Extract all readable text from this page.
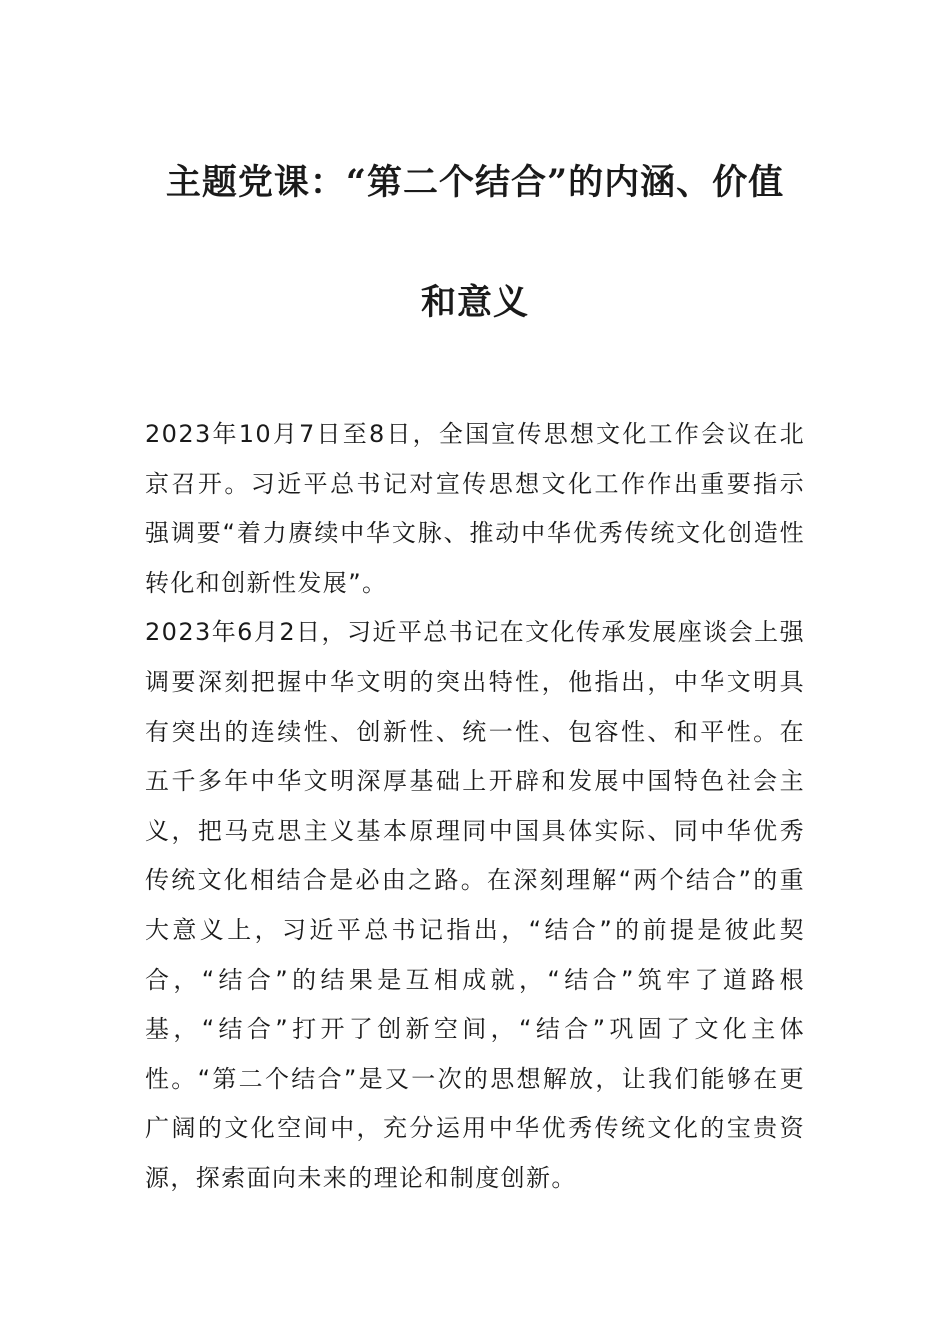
主题党课：“第二个结合”的内涵、价值
和意义

2023年10月7日至8日，全国宣传思想文化工作会议在北京召开。习近平总书记对宣传思想文化工作作出重要指示强调要“着力赓续中华文脉、推动中华优秀传统文化创造性转化和创新性发展”。

2023年6月2日，习近平总书记在文化传承发展座谈会上强调要深刻把握中华文明的突出特性，他指出，中华文明具有突出的连续性、创新性、统一性、包容性、和平性。在五千多年中华文明深厚基础上开辟和发展中国特色社会主义，把马克思主义基本原理同中国具体实际、同中华优秀传统文化相结合是必由之路。在深刻理解“两个结合”的重大意义上，习近平总书记指出，“结合”的前提是彼此契合，“结合”的结果是互相成就，“结合”筑牢了道路根基，“结合”打开了创新空间，“结合”巩固了文化主体性。“第二个结合”是又一次的思想解放，让我们能够在更广阔的文化空间中，充分运用中华优秀传统文化的宝贵资源，探索面向未来的理论和制度创新。
